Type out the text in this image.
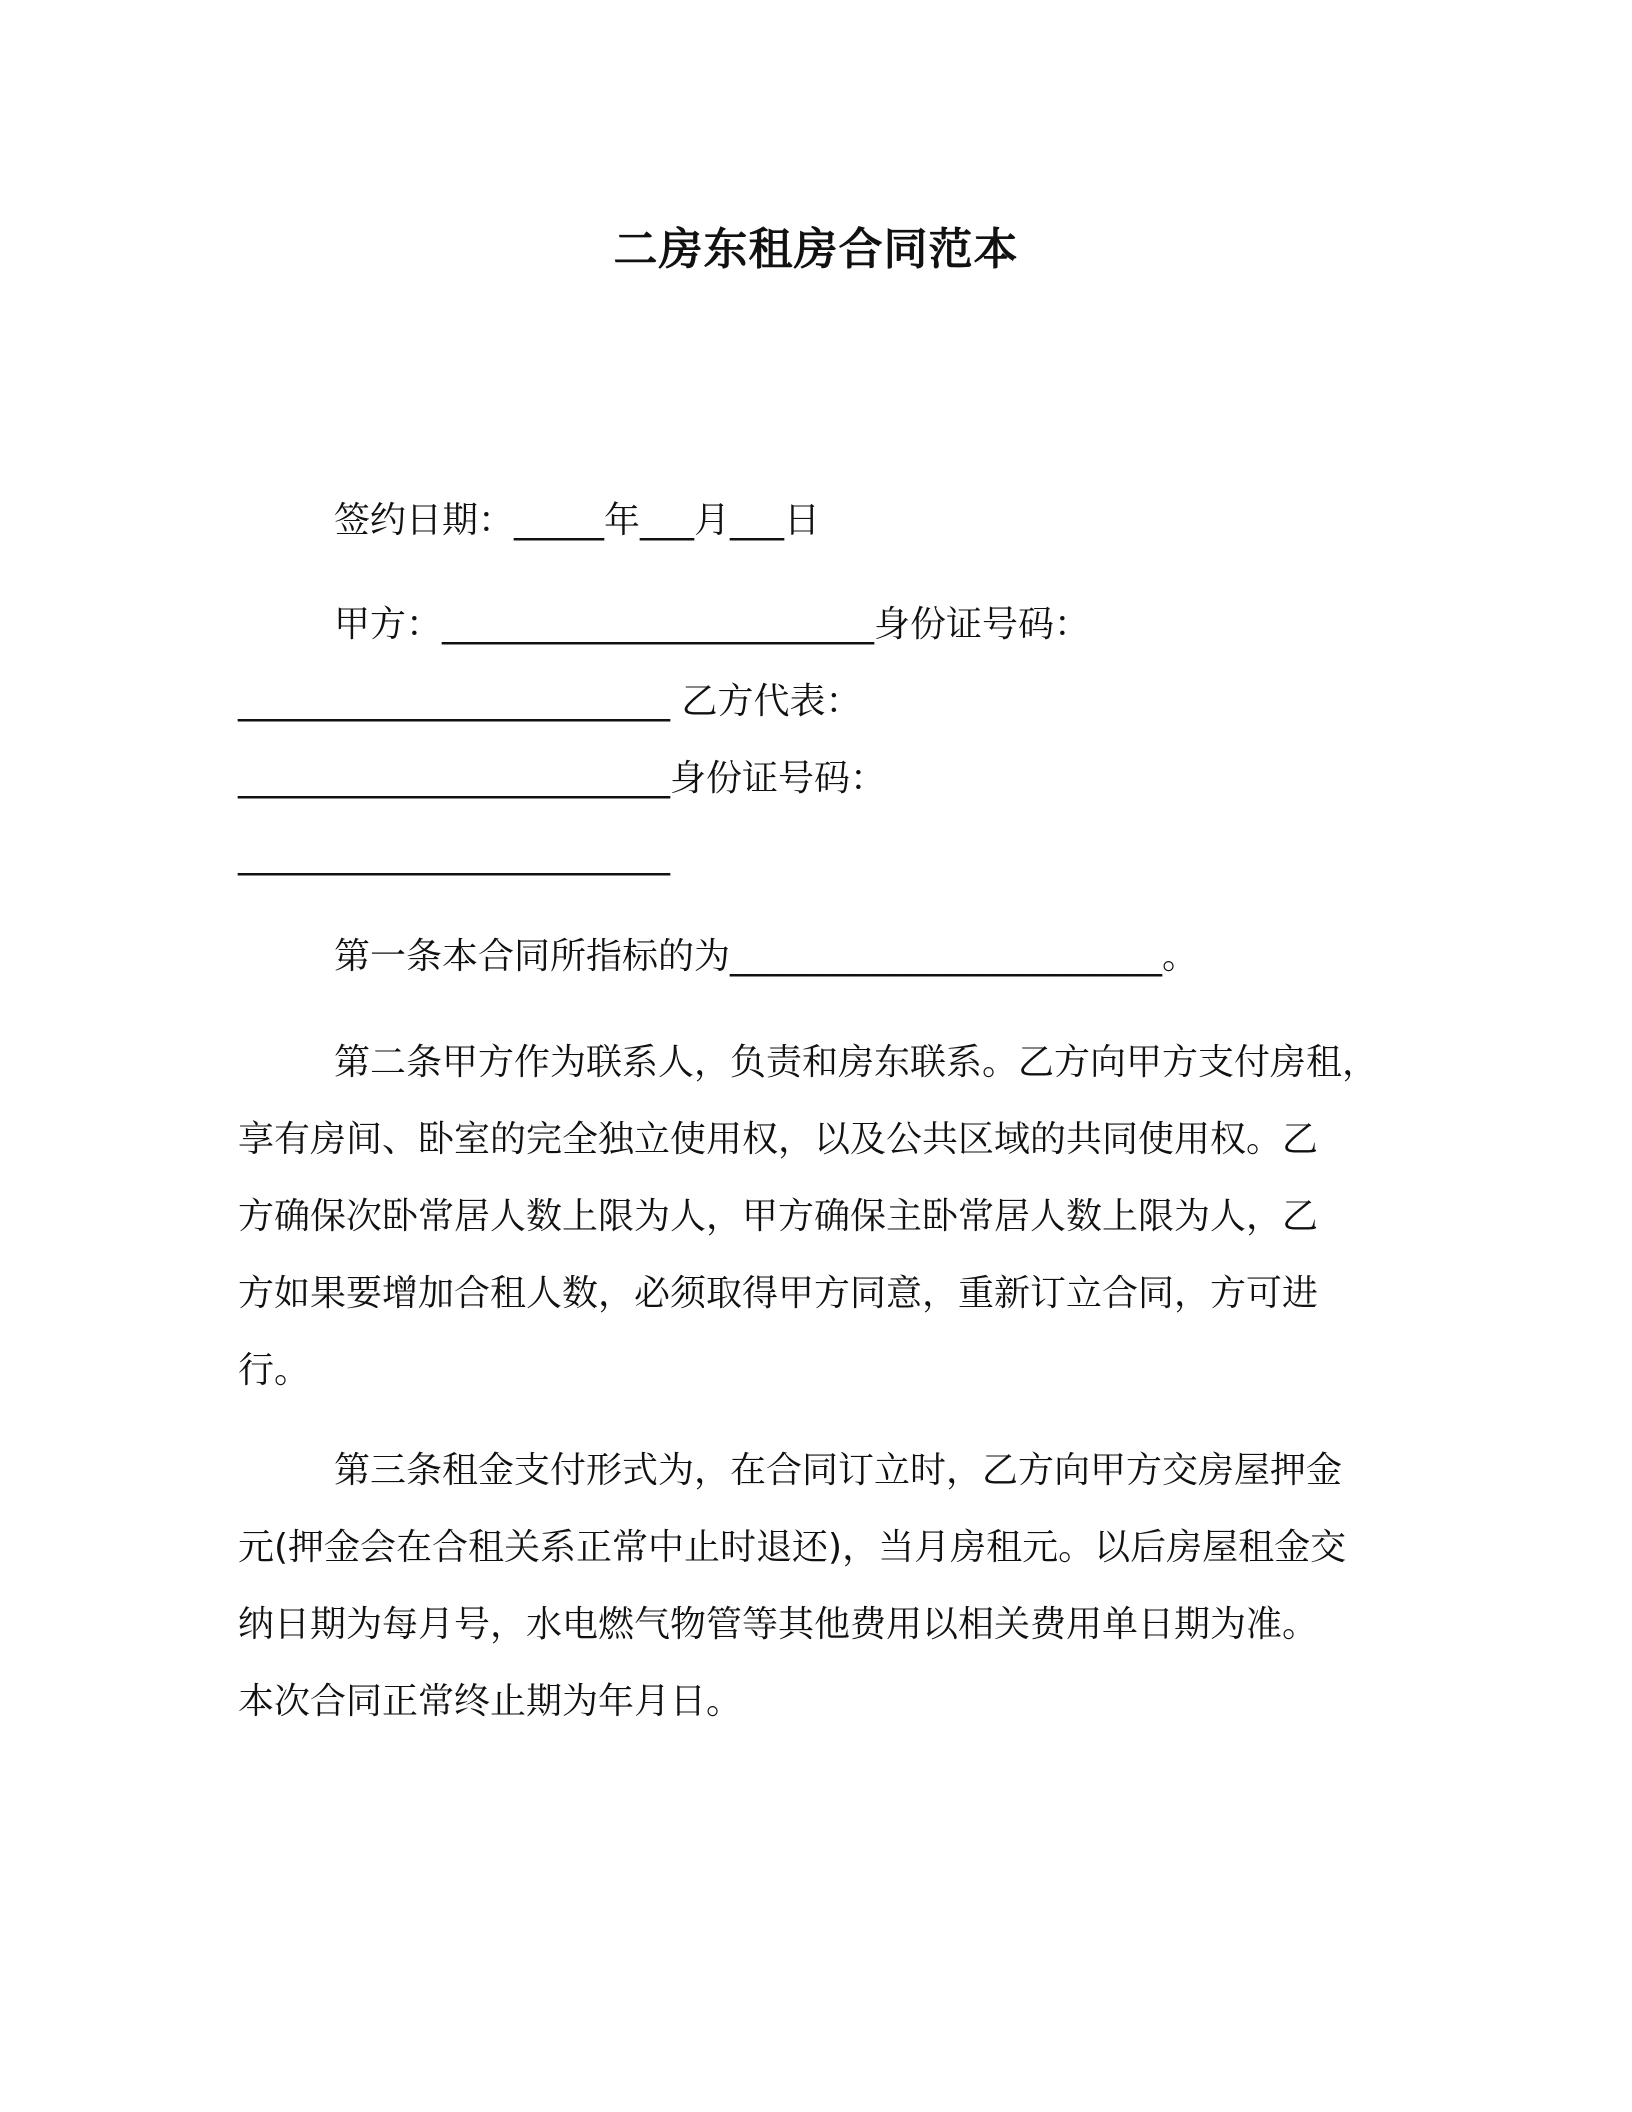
二房东租房合同范本
签约日期：_____年___月___日
甲方：________________________身份证号码：
________________________ 乙方代表：
________________________身份证号码：
________________________
第一条本合同所指标的为________________________。
第二条甲方作为联系人，负责和房东联系。乙方向甲方支付房租，
享有房间、卧室的完全独立使用权，以及公共区域的共同使用权。乙
方确保次卧常居人数上限为人，甲方确保主卧常居人数上限为人，乙
方如果要增加合租人数，必须取得甲方同意，重新订立合同，方可进
行。
第三条租金支付形式为，在合同订立时，乙方向甲方交房屋押金
元(押金会在合租关系正常中止时退还)，当月房租元。以后房屋租金交
纳日期为每月号，水电燃气物管等其他费用以相关费用单日期为准。
本次合同正常终止期为年月日。
